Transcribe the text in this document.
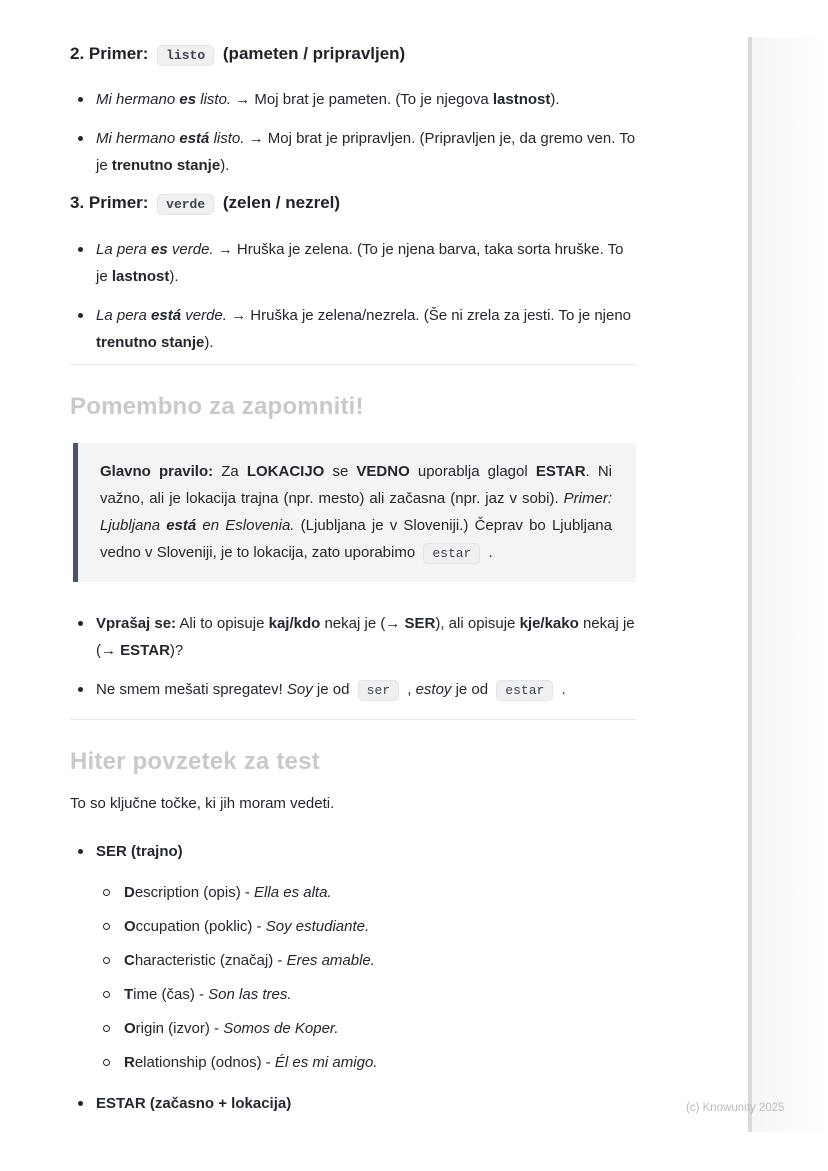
2. Primer: listo (pameten / pripravljen)
Mi hermano es listo. → Moj brat je pameten. (To je njegova lastnost).
Mi hermano está listo. → Moj brat je pripravljen. (Pripravljen je, da gremo ven. To je trenutno stanje).
3. Primer: verde (zelen / nezrel)
La pera es verde. → Hruška je zelena. (To je njena barva, taka sorta hruške. To je lastnost).
La pera está verde. → Hruška je zelena/nezrela. (Še ni zrela za jesti. To je njeno trenutno stanje).
Pomembno za zapomniti!

Glavno pravilo: Za LOKACIJO se VEDNO uporablja glagol ESTAR. Ni važno, ali je lokacija trajna (npr. mesto) ali začasna (npr. jaz v sobi). Primer: Ljubljana está en Eslovenia. (Ljubljana je v Sloveniji.) Čeprav bo Ljubljana vedno v Sloveniji, je to lokacija, zato uporabimo estar .

Vprašaj se: Ali to opisuje kaj/kdo nekaj je (→ SER), ali opisuje kje/kako nekaj je (→ ESTAR)?
Ne smem mešati spregatev! Soy je od ser , estoy je od estar .
Hiter povzetek za test

To so ključne točke, ki jih moram vedeti.

SER (trajno)
Description (opis) - Ella es alta.
Occupation (poklic) - Soy estudiante.
Characteristic (značaj) - Eres amable.
Time (čas) - Son las tres.
Origin (izvor) - Somos de Koper.
Relationship (odnos) - Él es mi amigo.
ESTAR (začasno + lokacija)	(c) Knowunity 2025
